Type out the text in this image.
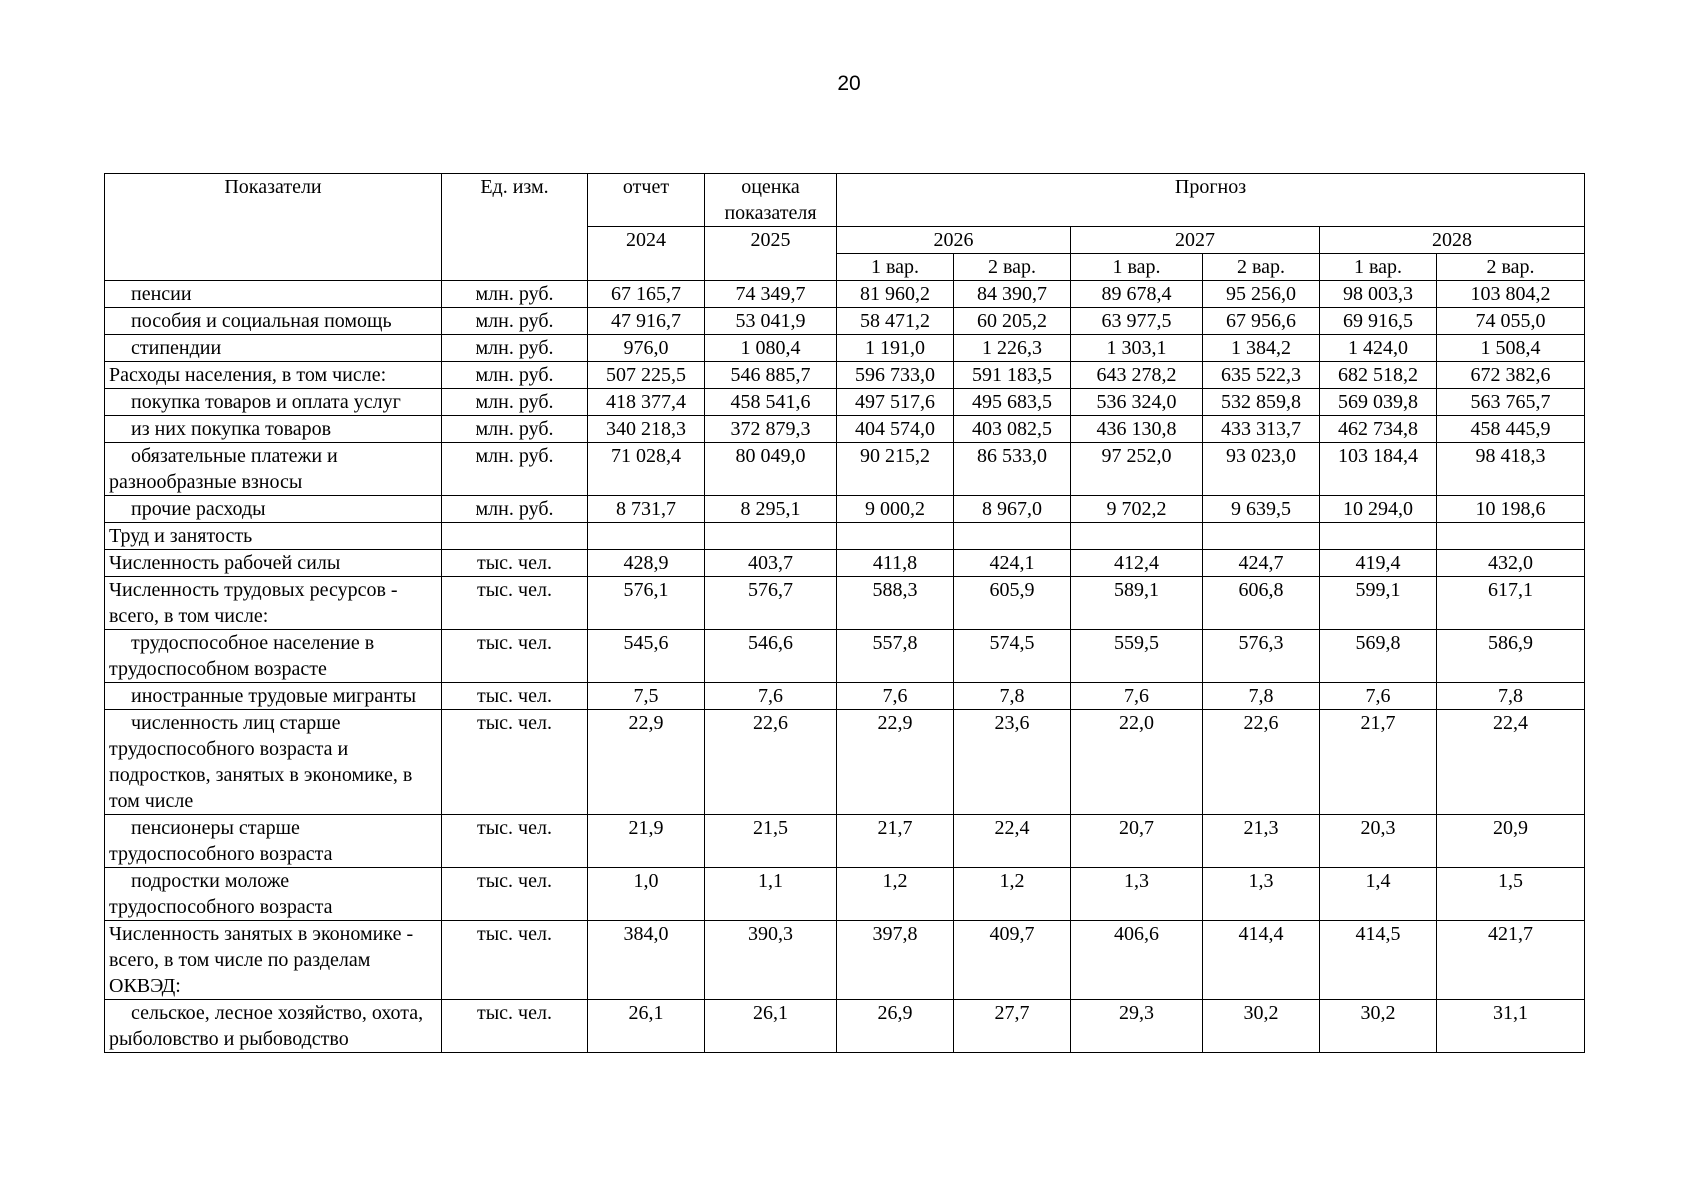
20
Показатели	Ед. изм.	отчет	оценка показателя	Прогноз					
		2024	2025	2026		2027		2028	
				1 вар.	2 вар.	1 вар.	2 вар.	1 вар.	2 вар.
пенсии	млн. руб.	67 165,7	74 349,7	81 960,2	84 390,7	89 678,4	95 256,0	98 003,3	103 804,2
пособия и социальная помощь	млн. руб.	47 916,7	53 041,9	58 471,2	60 205,2	63 977,5	67 956,6	69 916,5	74 055,0
стипендии	млн. руб.	976,0	1 080,4	1 191,0	1 226,3	1 303,1	1 384,2	1 424,0	1 508,4
Расходы населения, в том числе:	млн. руб.	507 225,5	546 885,7	596 733,0	591 183,5	643 278,2	635 522,3	682 518,2	672 382,6
покупка товаров и оплата услуг	млн. руб.	418 377,4	458 541,6	497 517,6	495 683,5	536 324,0	532 859,8	569 039,8	563 765,7
из них покупка товаров	млн. руб.	340 218,3	372 879,3	404 574,0	403 082,5	436 130,8	433 313,7	462 734,8	458 445,9
обязательные платежи и разнообразные взносы	млн. руб.	71 028,4	80 049,0	90 215,2	86 533,0	97 252,0	93 023,0	103 184,4	98 418,3
прочие расходы	млн. руб.	8 731,7	8 295,1	9 000,2	8 967,0	9 702,2	9 639,5	10 294,0	10 198,6
Труд и занятость									
Численность рабочей силы	тыс. чел.	428,9	403,7	411,8	424,1	412,4	424,7	419,4	432,0
Численность трудовых ресурсов - всего, в том числе:	тыс. чел.	576,1	576,7	588,3	605,9	589,1	606,8	599,1	617,1
трудоспособное население в трудоспособном возрасте	тыс. чел.	545,6	546,6	557,8	574,5	559,5	576,3	569,8	586,9
иностранные трудовые мигранты	тыс. чел.	7,5	7,6	7,6	7,8	7,6	7,8	7,6	7,8
численность лиц старше трудоспособного возраста и подростков, занятых в экономике, в том числе	тыс. чел.	22,9	22,6	22,9	23,6	22,0	22,6	21,7	22,4
пенсионеры старше трудоспособного возраста	тыс. чел.	21,9	21,5	21,7	22,4	20,7	21,3	20,3	20,9
подростки моложе трудоспособного возраста	тыс. чел.	1,0	1,1	1,2	1,2	1,3	1,3	1,4	1,5
Численность занятых в экономике - всего, в том числе по разделам ОКВЭД:	тыс. чел.	384,0	390,3	397,8	409,7	406,6	414,4	414,5	421,7
сельское, лесное хозяйство, охота, рыболовство и рыбоводство	тыс. чел.	26,1	26,1	26,9	27,7	29,3	30,2	30,2	31,1
